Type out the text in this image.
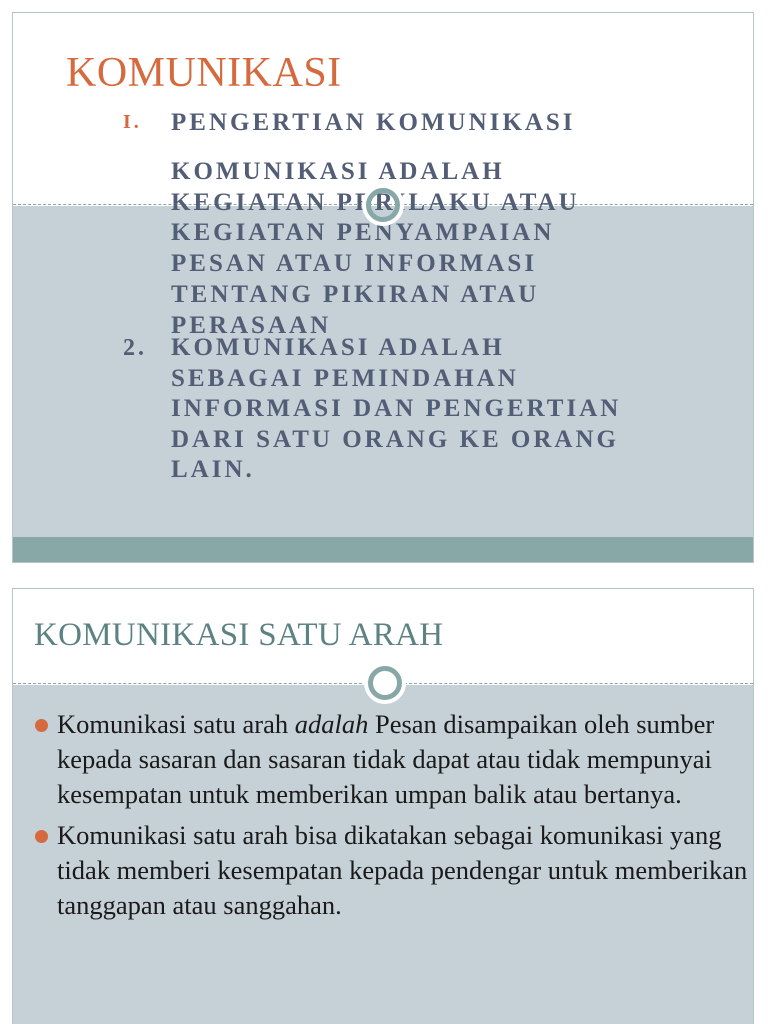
KOMUNIKASI
I. PENGERTIAN KOMUNIKASI
KOMUNIKASI ADALAH
KEGIATAN PERILAKU ATAU
KEGIATAN PENYAMPAIAN
PESAN ATAU INFORMASI
TENTANG PIKIRAN ATAU
PERASAAN
2. KOMUNIKASI ADALAH
SEBAGAI PEMINDAHAN
INFORMASI DAN PENGERTIAN
DARI SATU ORANG KE ORANG
LAIN.
KOMUNIKASI SATU ARAH
Komunikasi satu arah adalah Pesan disampaikan oleh sumber kepada sasaran dan sasaran tidak dapat atau tidak mempunyai kesempatan untuk memberikan umpan balik atau bertanya.
Komunikasi satu arah bisa dikatakan sebagai komunikasi yang tidak memberi kesempatan kepada pendengar untuk memberikan tanggapan atau sanggahan.
